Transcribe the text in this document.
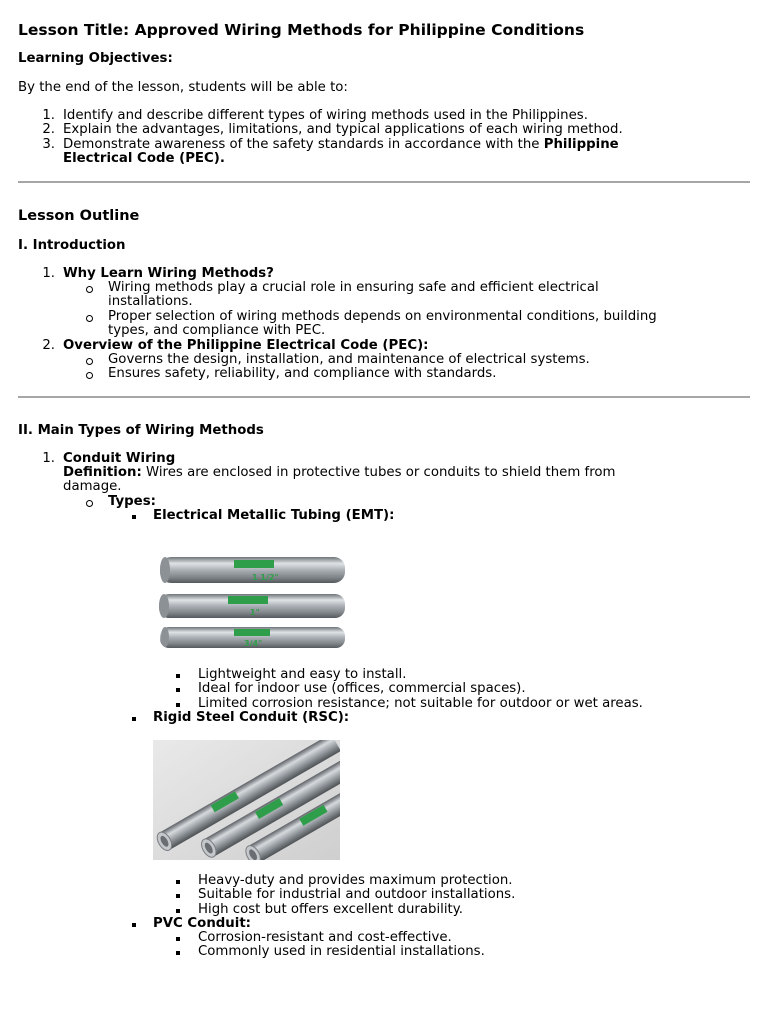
Lesson Title: Approved Wiring Methods for Philippine Conditions
Learning Objectives:
By the end of the lesson, students will be able to:
1. Identify and describe different types of wiring methods used in the Philippines.
2. Explain the advantages, limitations, and typical applications of each wiring method.
3. Demonstrate awareness of the safety standards in accordance with the Philippine
Electrical Code (PEC).
Lesson Outline
I. Introduction
1. Why Learn Wiring Methods?
Wiring methods play a crucial role in ensuring safe and efficient electrical
installations.
Proper selection of wiring methods depends on environmental conditions, building
types, and compliance with PEC.
2. Overview of the Philippine Electrical Code (PEC):
Governs the design, installation, and maintenance of electrical systems.
Ensures safety, reliability, and compliance with standards.
II. Main Types of Wiring Methods
1. Conduit Wiring
Definition: Wires are enclosed in protective tubes or conduits to shield them from
damage.
Types:
Electrical Metallic Tubing (EMT):
1 1/2"
1"
3/4"
Lightweight and easy to install.
Ideal for indoor use (offices, commercial spaces).
Limited corrosion resistance; not suitable for outdoor or wet areas.
Rigid Steel Conduit (RSC):
Heavy-duty and provides maximum protection.
Suitable for industrial and outdoor installations.
High cost but offers excellent durability.
PVC Conduit:
Corrosion-resistant and cost-effective.
Commonly used in residential installations.
